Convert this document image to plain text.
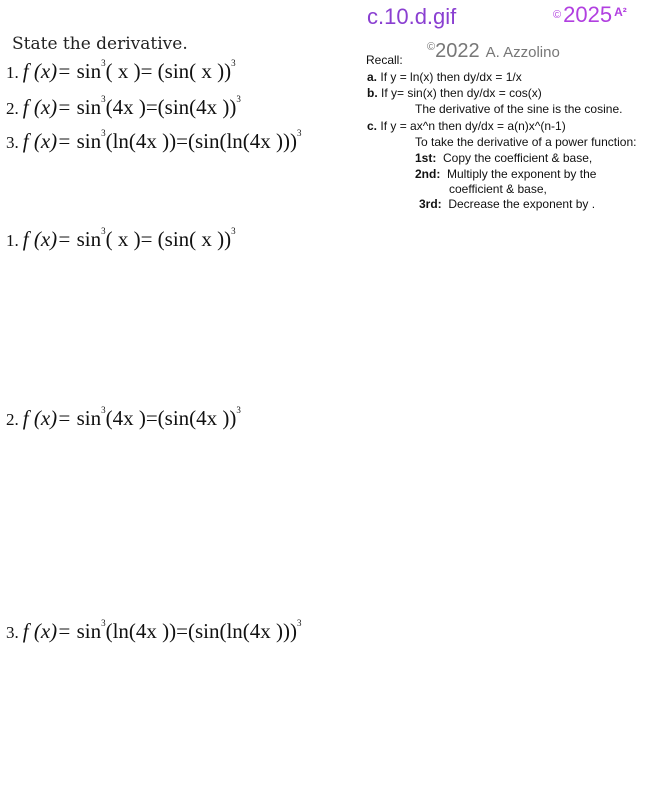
c.10.d.gif	©2025 $^{A^2}$
State the derivative.
1. f $(x)= \sin^3$( x )= (sin( x ))$^3$
2. f $(x)= \sin^3(4x$ )=(sin(4x ))$^3$
3. f $(x)= \sin^3(\ln(4x$ ))=(sin(ln(4x )))$^3$
©2022 A. Azzolino
Recall:
a. If y = ln(x) then dy/dx = 1/x
b. If y= sin(x) then dy/dx = cos(x)
The derivative of the sine is the cosine.
c. If y = ax^n then dy/dx = a(n)x^(n-1)
To take the derivative of a power function:
1st: Copy the coefficient & base,
2nd: Multiply the exponent by the
coefficient & base,
3rd: Decrease the exponent by .
1. f $(x)= \sin^3$( x )= (sin( x ))$^3$
2. f $(x)= \sin^3(4x$ )=(sin(4x ))$^3$
3. f $(x)= \sin^3(\ln(4x$ ))=(sin(ln(4x )))$^3$
